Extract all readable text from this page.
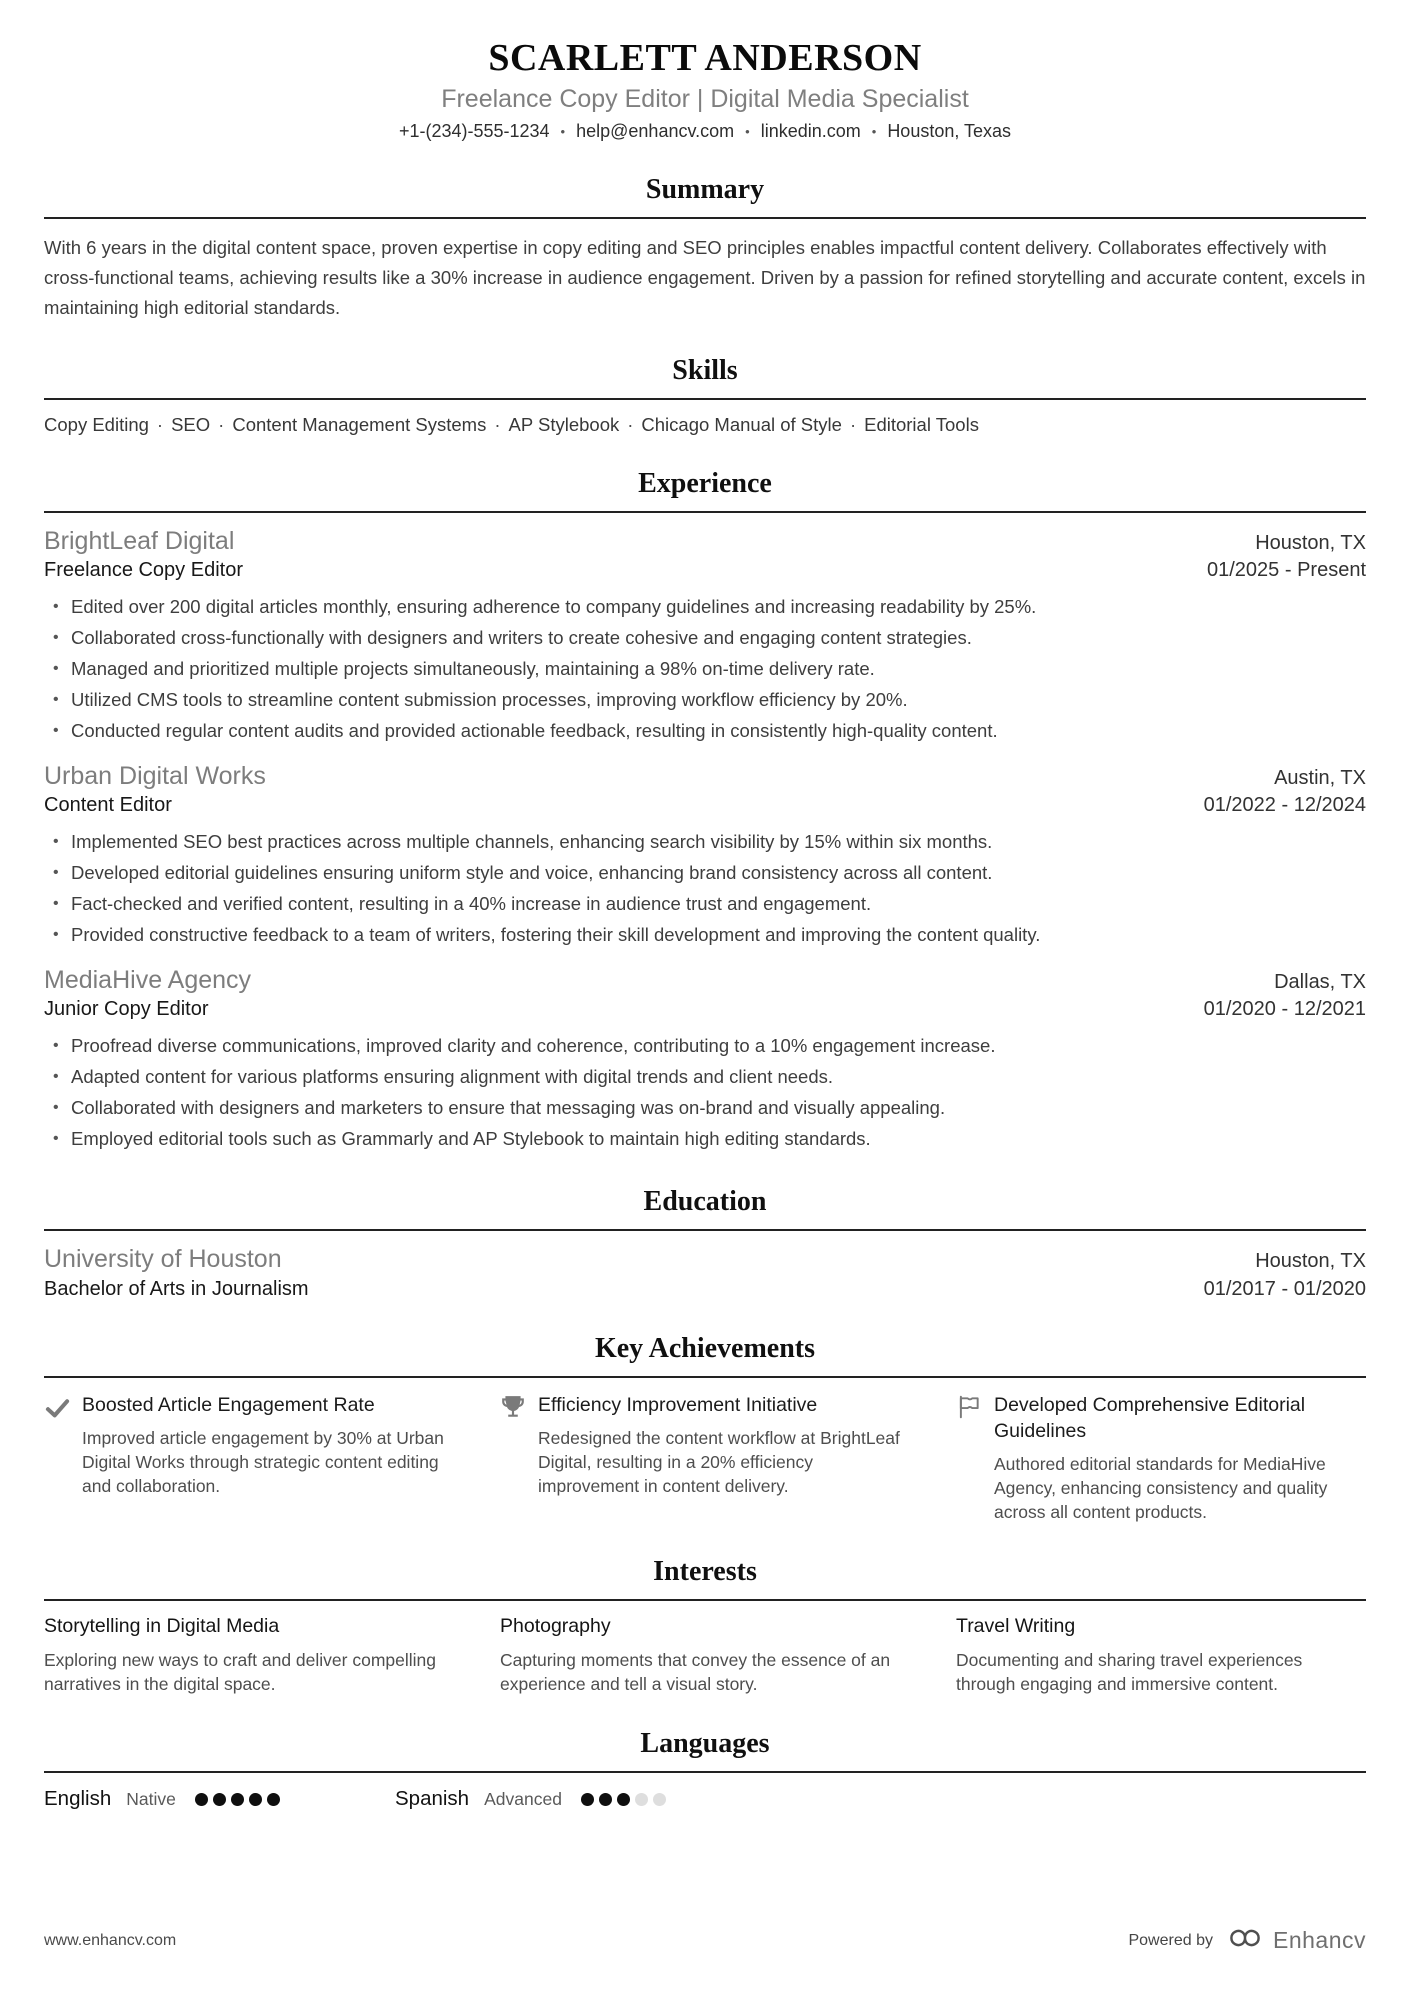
SCARLETT ANDERSON
Freelance Copy Editor | Digital Media Specialist
+1-(234)-555-1234 • help@enhancv.com • linkedin.com • Houston, Texas
Summary

With 6 years in the digital content space, proven expertise in copy editing and SEO principles enables impactful content delivery. Collaborates effectively with cross-functional teams, achieving results like a 30% increase in audience engagement. Driven by a passion for refined storytelling and accurate content, excels in maintaining high editorial standards.

Skills

Copy Editing · SEO · Content Management Systems · AP Stylebook · Chicago Manual of Style · Editorial Tools

Experience
BrightLeaf Digital	Houston, TX
Freelance Copy Editor	01/2025 - Present
• Edited over 200 digital articles monthly, ensuring adherence to company guidelines and increasing readability by 25%.
• Collaborated cross-functionally with designers and writers to create cohesive and engaging content strategies.
• Managed and prioritized multiple projects simultaneously, maintaining a 98% on-time delivery rate.
• Utilized CMS tools to streamline content submission processes, improving workflow efficiency by 20%.
• Conducted regular content audits and provided actionable feedback, resulting in consistently high-quality content.
Urban Digital Works	Austin, TX
Content Editor	01/2022 - 12/2024
• Implemented SEO best practices across multiple channels, enhancing search visibility by 15% within six months.
• Developed editorial guidelines ensuring uniform style and voice, enhancing brand consistency across all content.
• Fact-checked and verified content, resulting in a 40% increase in audience trust and engagement.
• Provided constructive feedback to a team of writers, fostering their skill development and improving the content quality.
MediaHive Agency	Dallas, TX
Junior Copy Editor	01/2020 - 12/2021
• Proofread diverse communications, improved clarity and coherence, contributing to a 10% engagement increase.
• Adapted content for various platforms ensuring alignment with digital trends and client needs.
• Collaborated with designers and marketers to ensure that messaging was on-brand and visually appealing.
• Employed editorial tools such as Grammarly and AP Stylebook to maintain high editing standards.
Education
University of Houston	Houston, TX
Bachelor of Arts in Journalism	01/2017 - 01/2020
Key Achievements
Boosted Article Engagement Rate

Improved article engagement by 30% at Urban Digital Works through strategic content editing and collaboration.

Efficiency Improvement Initiative

Redesigned the content workflow at BrightLeaf Digital, resulting in a 20% efficiency improvement in content delivery.

Developed Comprehensive Editorial Guidelines

Authored editorial standards for MediaHive Agency, enhancing consistency and quality across all content products.

Interests
Storytelling in Digital Media

Exploring new ways to craft and deliver compelling narratives in the digital space.

Photography

Capturing moments that convey the essence of an experience and tell a visual story.

Travel Writing

Documenting and sharing travel experiences through engaging and immersive content.

Languages
English Native	Spanish Advanced
www.enhancv.com	Powered by	Enhancv
